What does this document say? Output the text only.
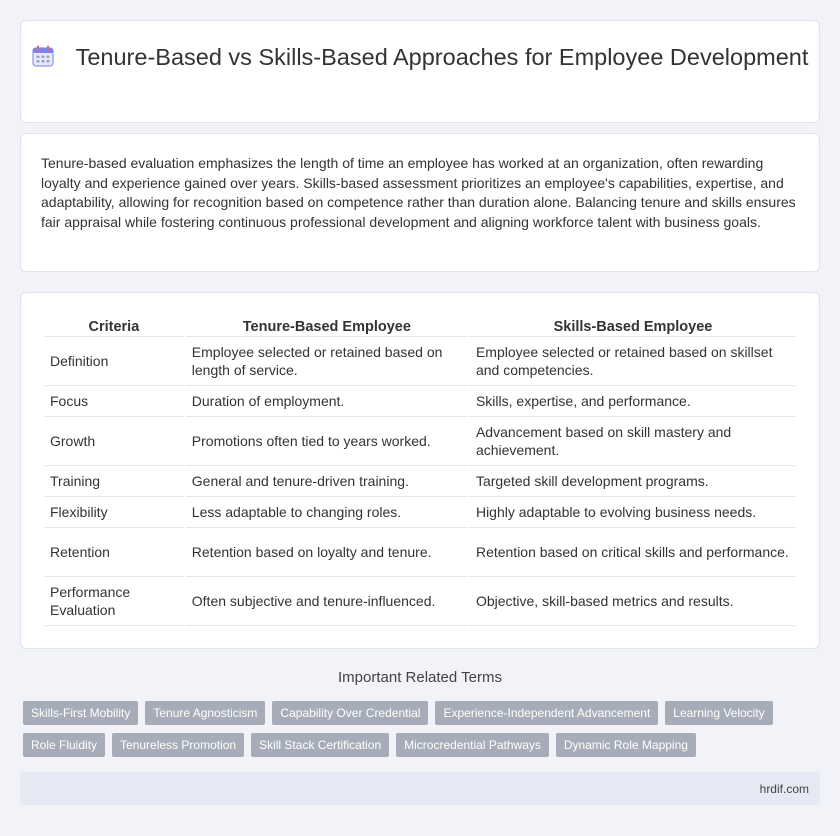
Tenure-Based vs Skills-Based Approaches for Employee Development

Tenure-based evaluation emphasizes the length of time an employee has worked at an organization, often rewarding loyalty and experience gained over years. Skills-based assessment prioritizes an employee's capabilities, expertise, and adaptability, allowing for recognition based on competence rather than duration alone. Balancing tenure and skills ensures fair appraisal while fostering continuous professional development and aligning workforce talent with business goals.

Criteria	Tenure-Based Employee	Skills-Based Employee
Definition	Employee selected or retained based on length of service.	Employee selected or retained based on skillset and competencies.
Focus	Duration of employment.	Skills, expertise, and performance.
Growth	Promotions often tied to years worked.	Advancement based on skill mastery and achievement.
Training	General and tenure-driven training.	Targeted skill development programs.
Flexibility	Less adaptable to changing roles.	Highly adaptable to evolving business needs.
Retention	Retention based on loyalty and tenure.	Retention based on critical skills and performance.
Performance Evaluation	Often subjective and tenure-influenced.	Objective, skill-based metrics and results.
Important Related Terms
Skills-First Mobility	Tenure Agnosticism	Capability Over Credential	Experience-Independent Advancement	Learning Velocity
Role Fluidity	Tenureless Promotion	Skill Stack Certification	Microcredential Pathways	Dynamic Role Mapping
hrdif.com
